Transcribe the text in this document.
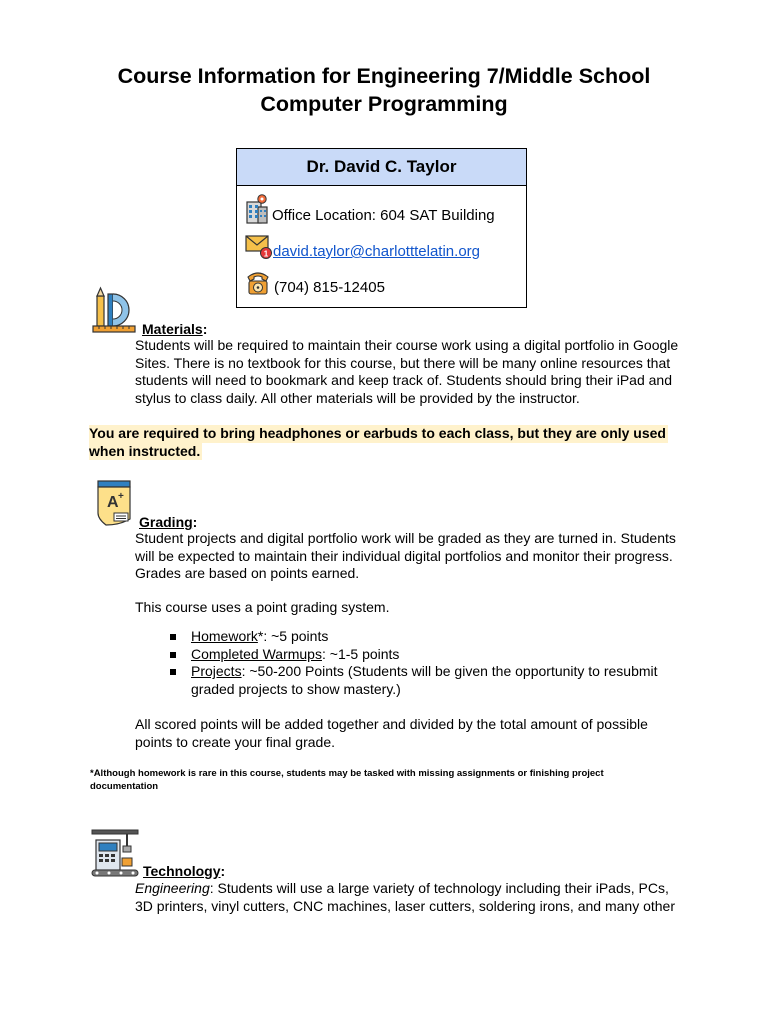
Course Information for Engineering 7/Middle School
Computer Programming
Dr. David C. Taylor
Office Location: 604 SAT Building
1 david.taylor@charlotttelatin.org
(704) 815-12405
Materials:
Students will be required to maintain their course work using a digital portfolio in Google
Sites. There is no textbook for this course, but there will be many online resources that
students will need to bookmark and keep track of. Students should bring their iPad and
stylus to class daily. All other materials will be provided by the instructor.
You are required to bring headphones or earbuds to each class, but they are only used
when instructed.
A +
Grading:
Student projects and digital portfolio work will be graded as they are turned in. Students
will be expected to maintain their individual digital portfolios and monitor their progress.
Grades are based on points earned.
This course uses a point grading system.
Homework*: ~5 points
Completed Warmups: ~1-5 points
Projects: ~50-200 Points (Students will be given the opportunity to resubmit
graded projects to show mastery.)
All scored points will be added together and divided by the total amount of possible
points to create your final grade.
*Although homework is rare in this course, students may be tasked with missing assignments or finishing project
documentation
Technology:
Engineering: Students will use a large variety of technology including their iPads, PCs,
3D printers, vinyl cutters, CNC machines, laser cutters, soldering irons, and many other
